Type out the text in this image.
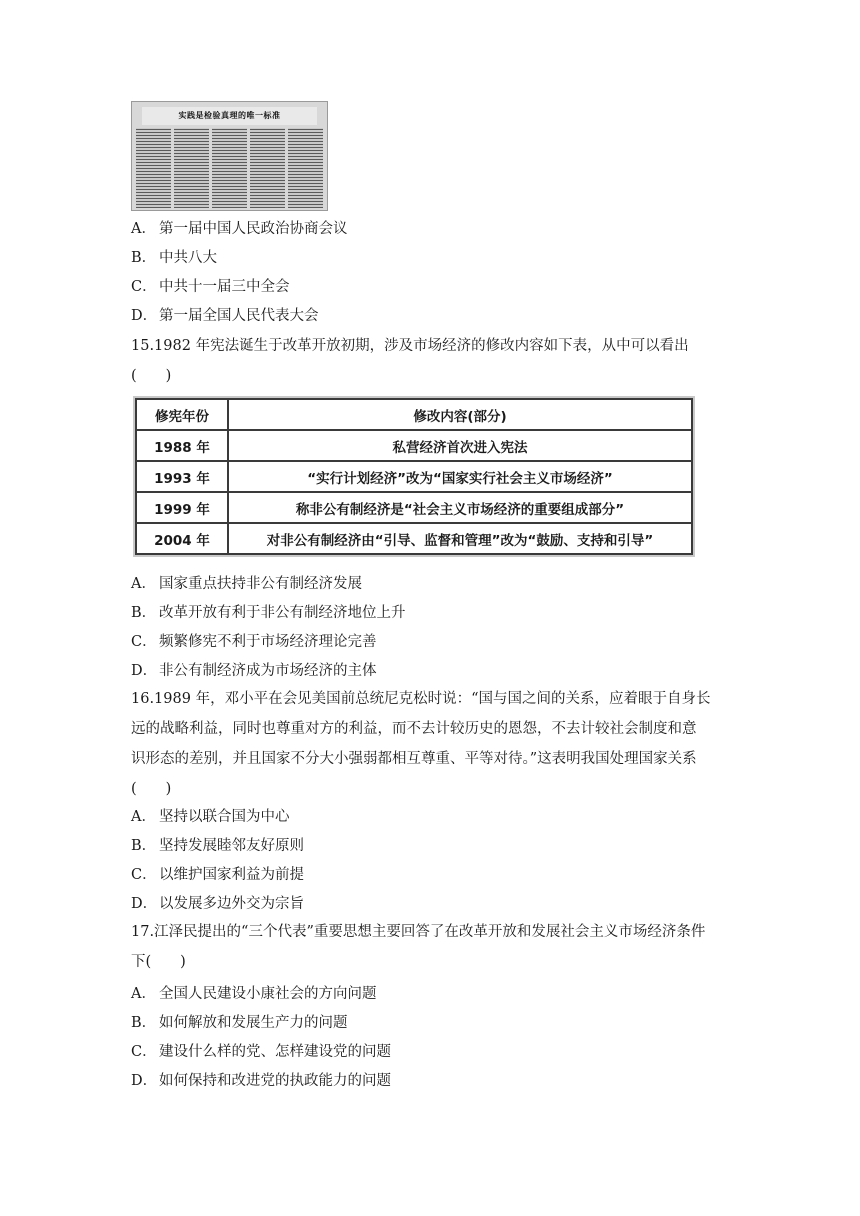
实践是检验真理的唯一标准
A． 第一届中国人民政治协商会议
B． 中共八大
C． 中共十一届三中全会
D． 第一届全国人民代表大会
15.1982 年宪法诞生于改革开放初期，涉及市场经济的修改内容如下表，从中可以看出
(　　)
修宪年份	修改内容(部分)
1988 年	私营经济首次进入宪法
1993 年	“实行计划经济”改为“国家实行社会主义市场经济”
1999 年	称非公有制经济是“社会主义市场经济的重要组成部分”
2004 年	对非公有制经济由“引导、监督和管理”改为“鼓励、支持和引导”
A． 国家重点扶持非公有制经济发展
B． 改革开放有利于非公有制经济地位上升
C． 频繁修宪不利于市场经济理论完善
D． 非公有制经济成为市场经济的主体
16.1989 年，邓小平在会见美国前总统尼克松时说：“国与国之间的关系，应着眼于自身长
远的战略利益，同时也尊重对方的利益，而不去计较历史的恩怨，不去计较社会制度和意
识形态的差别，并且国家不分大小强弱都相互尊重、平等对待。”这表明我国处理国家关系
(　　)
A． 坚持以联合国为中心
B． 坚持发展睦邻友好原则
C． 以维护国家利益为前提
D． 以发展多边外交为宗旨
17.江泽民提出的“三个代表”重要思想主要回答了在改革开放和发展社会主义市场经济条件
下(　　)
A． 全国人民建设小康社会的方向问题
B． 如何解放和发展生产力的问题
C． 建设什么样的党、怎样建设党的问题
D． 如何保持和改进党的执政能力的问题
